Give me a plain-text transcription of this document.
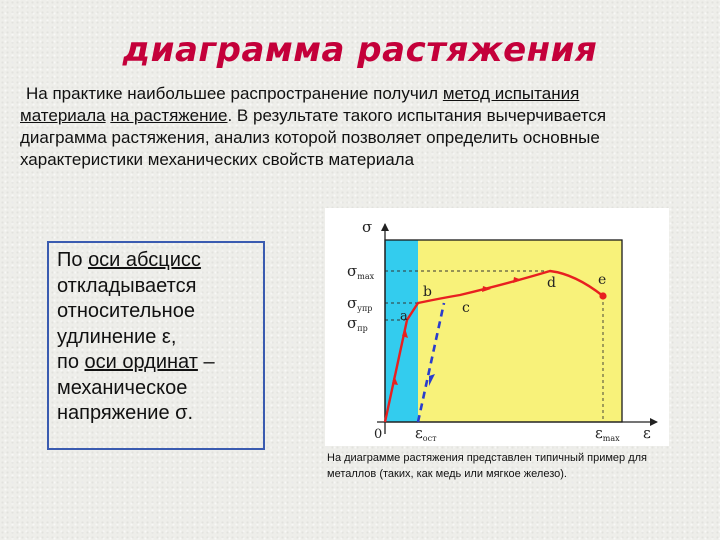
диаграмма растяжения
На практике наибольшее распространение получил метод испытания
материала на растяжение. В результате такого испытания вычерчивается диаграмма растяжения, анализ которой позволяет определить основные характеристики механических свойств материала
По оси абсцисс
откладывается
относительное
удлинение ε,
по оси ординат –
механическое
напряжение σ.
σ
ε
0
$\sigma_{max}$
$\sigma_{упр}$
$\sigma_{пр}$
$\varepsilon_{ост}$	$\varepsilon_{max}$
a
b
c
d	e
На диаграмме растяжения представлен типичный пример для металлов (таких, как медь или мягкое железо).
